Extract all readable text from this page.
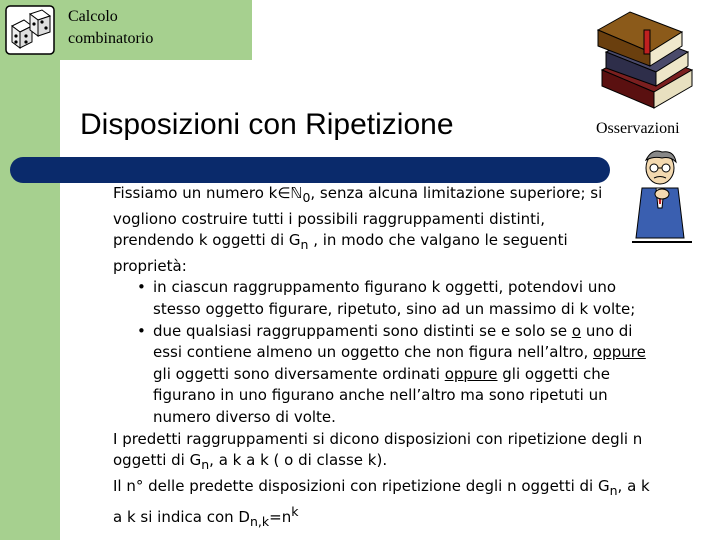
Calcolo
combinatorio
Disposizioni con Ripetizione	Osservazioni

Fissiamo un numero k∈ℕ$_0$, senza alcuna limitazione superiore; si vogliono costruire tutti i possibili raggruppamenti distinti, prendendo k oggetti di $G_n$ , in modo che valgano le seguenti proprietà:

• in ciascun raggruppamento figurano k oggetti, potendovi uno stesso oggetto figurare, ripetuto, sino ad un massimo di k volte;
• due qualsiasi raggruppamenti sono distinti se e solo se o uno di essi contiene almeno un oggetto che non figura nell’altro, oppure gli oggetti sono diversamente ordinati oppure gli oggetti che figurano in uno figurano anche nell’altro ma sono ripetuti un numero diverso di volte.

I predetti raggruppamenti si dicono disposizioni con ripetizione degli n oggetti di $G_n$, a k a k ( o di classe k).

Il n° delle predette disposizioni con ripetizione degli n oggetti di $G_n$, a k a k si indica con $D_{n,k}=n^k$
